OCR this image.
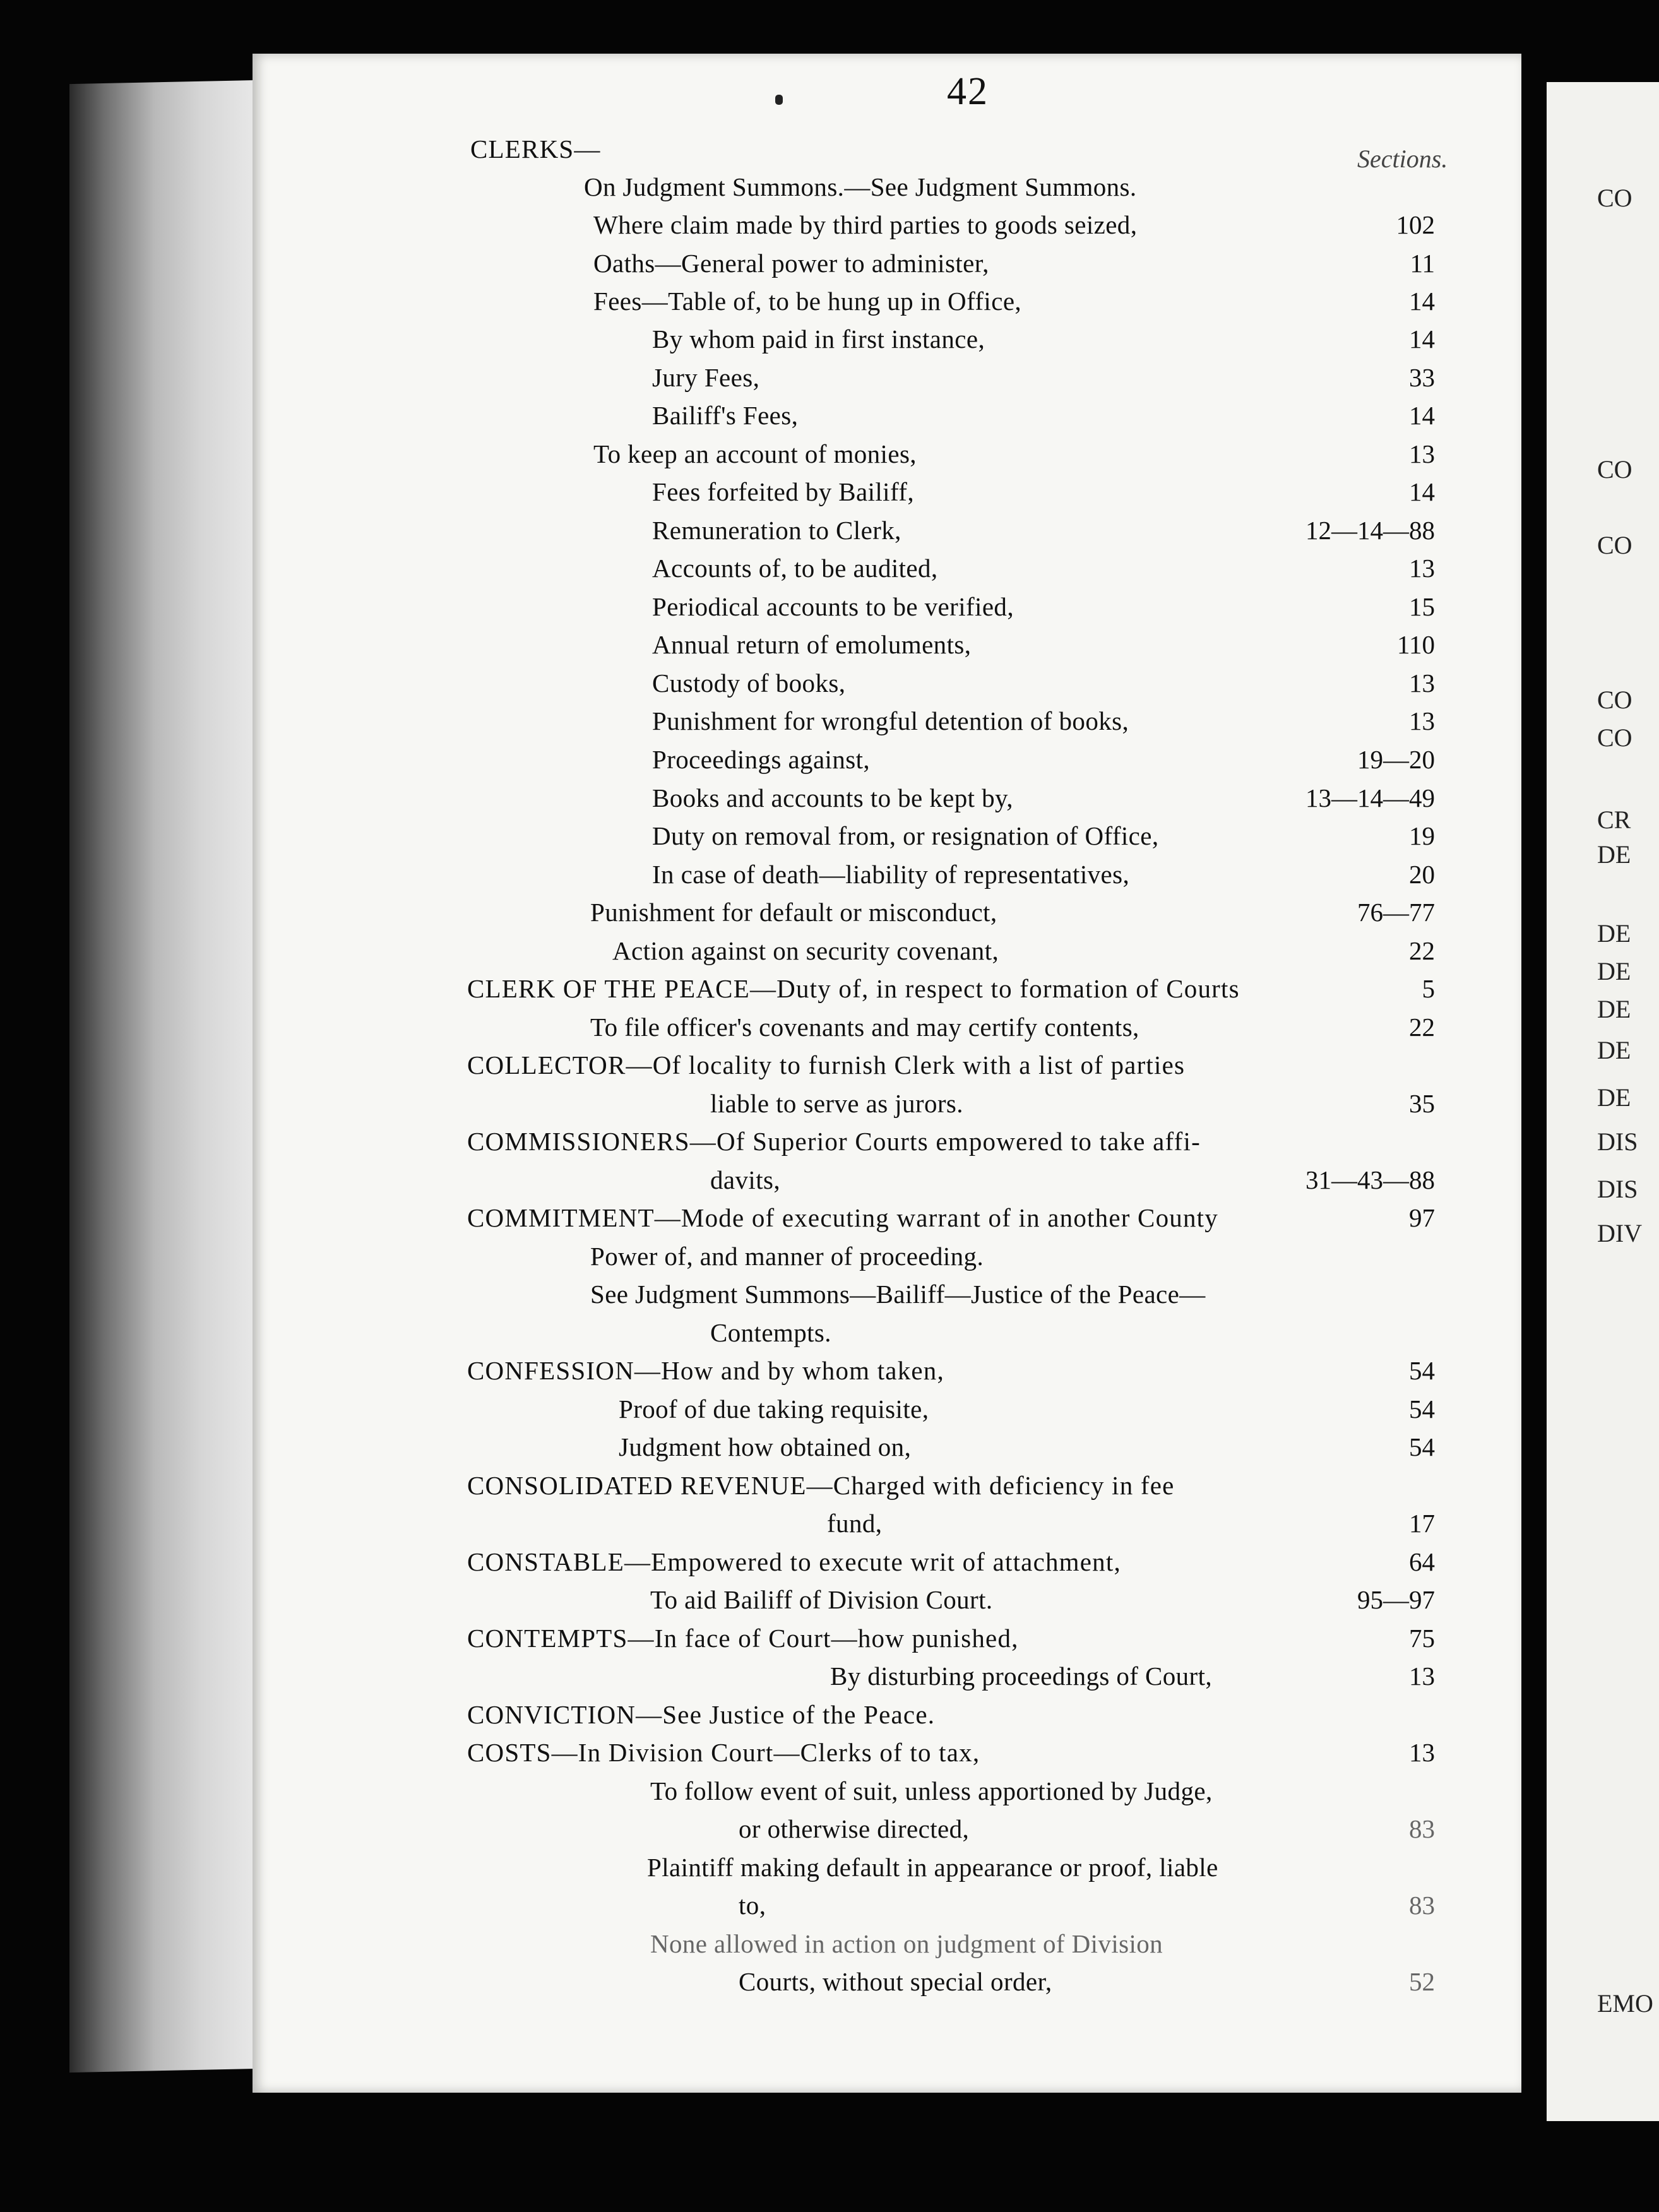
42
Sections.
CLERKS—
On Judgment Summons.—See Judgment Summons.
Where claim made by third parties to goods seized,	102
Oaths—General power to administer,	11
Fees—Table of, to be hung up in Office,	14
By whom paid in first instance,	14
Jury Fees,	33
Bailiff's Fees,	14
To keep an account of monies,	13
Fees forfeited by Bailiff,	14
Remuneration to Clerk,	12—14—88
Accounts of, to be audited,	13
Periodical accounts to be verified,	15
Annual return of emoluments,	110
Custody of books,	13
Punishment for wrongful detention of books,	13
Proceedings against,	19—20
Books and accounts to be kept by,	13—14—49
Duty on removal from, or resignation of Office,	19
In case of death—liability of representatives,	20
Punishment for default or misconduct,	76—77
Action against on security covenant,	22
CLERK OF THE PEACE—Duty of, in respect to formation of Courts	5
To file officer's covenants and may certify contents,	22
COLLECTOR—Of locality to furnish Clerk with a list of parties
liable to serve as jurors.	35
COMMISSIONERS—Of Superior Courts empowered to take affi-
davits,	31—43—88
COMMITMENT—Mode of executing warrant of in another County	97
Power of, and manner of proceeding.
See Judgment Summons—Bailiff—Justice of the Peace—
Contempts.
CONFESSION—How and by whom taken,	54
Proof of due taking requisite,	54
Judgment how obtained on,	54
CONSOLIDATED REVENUE—Charged with deficiency in fee
fund,	17
CONSTABLE—Empowered to execute writ of attachment,	64
To aid Bailiff of Division Court.	95—97
CONTEMPTS—In face of Court—how punished,	75
By disturbing proceedings of Court,	13
CONVICTION—See Justice of the Peace.
COSTS—In Division Court—Clerks of to tax,	13
To follow event of suit, unless apportioned by Judge,
or otherwise directed,	83
Plaintiff making default in appearance or proof, liable
to,	83
None allowed in action on judgment of Division
Courts, without special order,	52
CO
CO
CO
CO
CO
CR
DE
DE
DE
DE
DE
DE
DIS
DIS
DIV
EMO
